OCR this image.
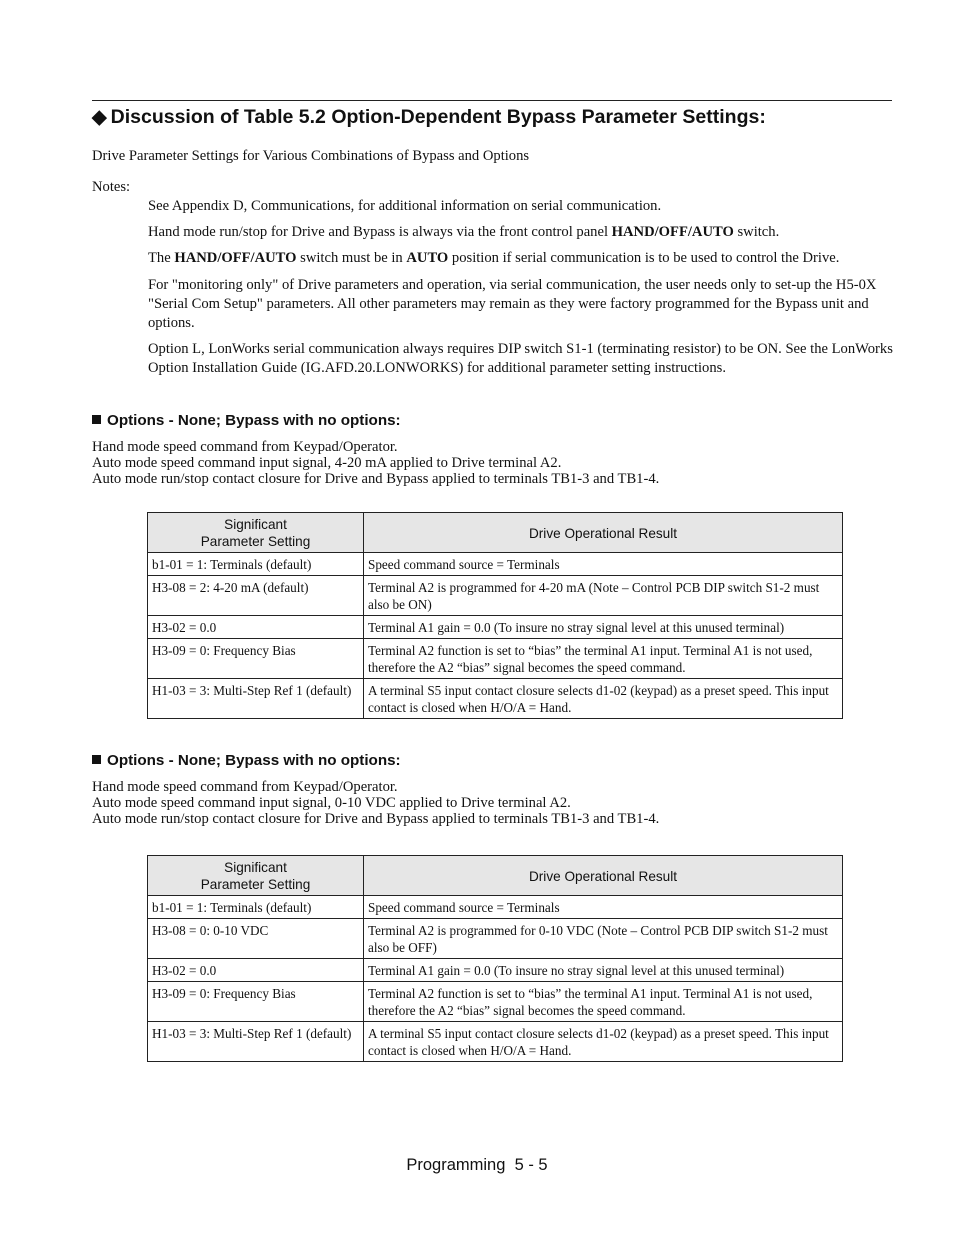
◆ Discussion of Table 5.2 Option-Dependent Bypass Parameter Settings:
Drive Parameter Settings for Various Combinations of Bypass and Options
Notes:
See Appendix D, Communications, for additional information on serial communication.
Hand mode run/stop for Drive and Bypass is always via the front control panel HAND/OFF/AUTO switch.
The HAND/OFF/AUTO switch must be in AUTO position if serial communication is to be used to control the Drive.
For "monitoring only" of Drive parameters and operation, via serial communication, the user needs only to set-up the H5-0X "Serial Com Setup" parameters. All other parameters may remain as they were factory programmed for the Bypass unit and options.
Option L, LonWorks serial communication always requires DIP switch S1-1 (terminating resistor) to be ON. See the LonWorks Option Installation Guide (IG.AFD.20.LONWORKS) for additional parameter setting instructions.
Options - None; Bypass with no options:
Hand mode speed command from Keypad/Operator.
Auto mode speed command input signal, 4-20 mA applied to Drive terminal A2.
Auto mode run/stop contact closure for Drive and Bypass applied to terminals TB1-3 and TB1-4.
Significant
Parameter Setting	Drive Operational Result
b1-01 = 1: Terminals (default)	Speed command source = Terminals
H3-08 = 2: 4-20 mA (default)	Terminal A2 is programmed for 4-20 mA (Note – Control PCB DIP switch S1-2 must also be ON)
H3-02 = 0.0	Terminal A1 gain = 0.0 (To insure no stray signal level at this unused terminal)
H3-09 = 0: Frequency Bias	Terminal A2 function is set to “bias” the terminal A1 input. Terminal A1 is not used, therefore the A2 “bias” signal becomes the speed command.
H1-03 = 3: Multi-Step Ref 1 (default)	A terminal S5 input contact closure selects d1-02 (keypad) as a preset speed. This input contact is closed when H/O/A = Hand.
Options - None; Bypass with no options:
Hand mode speed command from Keypad/Operator.
Auto mode speed command input signal, 0-10 VDC applied to Drive terminal A2.
Auto mode run/stop contact closure for Drive and Bypass applied to terminals TB1-3 and TB1-4.
Significant
Parameter Setting	Drive Operational Result
b1-01 = 1: Terminals (default)	Speed command source = Terminals
H3-08 = 0: 0-10 VDC	Terminal A2 is programmed for 0-10 VDC (Note – Control PCB DIP switch S1-2 must also be OFF)
H3-02 = 0.0	Terminal A1 gain = 0.0 (To insure no stray signal level at this unused terminal)
H3-09 = 0: Frequency Bias	Terminal A2 function is set to “bias” the terminal A1 input. Terminal A1 is not used, therefore the A2 “bias” signal becomes the speed command.
H1-03 = 3: Multi-Step Ref 1 (default)	A terminal S5 input contact closure selects d1-02 (keypad) as a preset speed. This input contact is closed when H/O/A = Hand.
Programming 5 - 5
